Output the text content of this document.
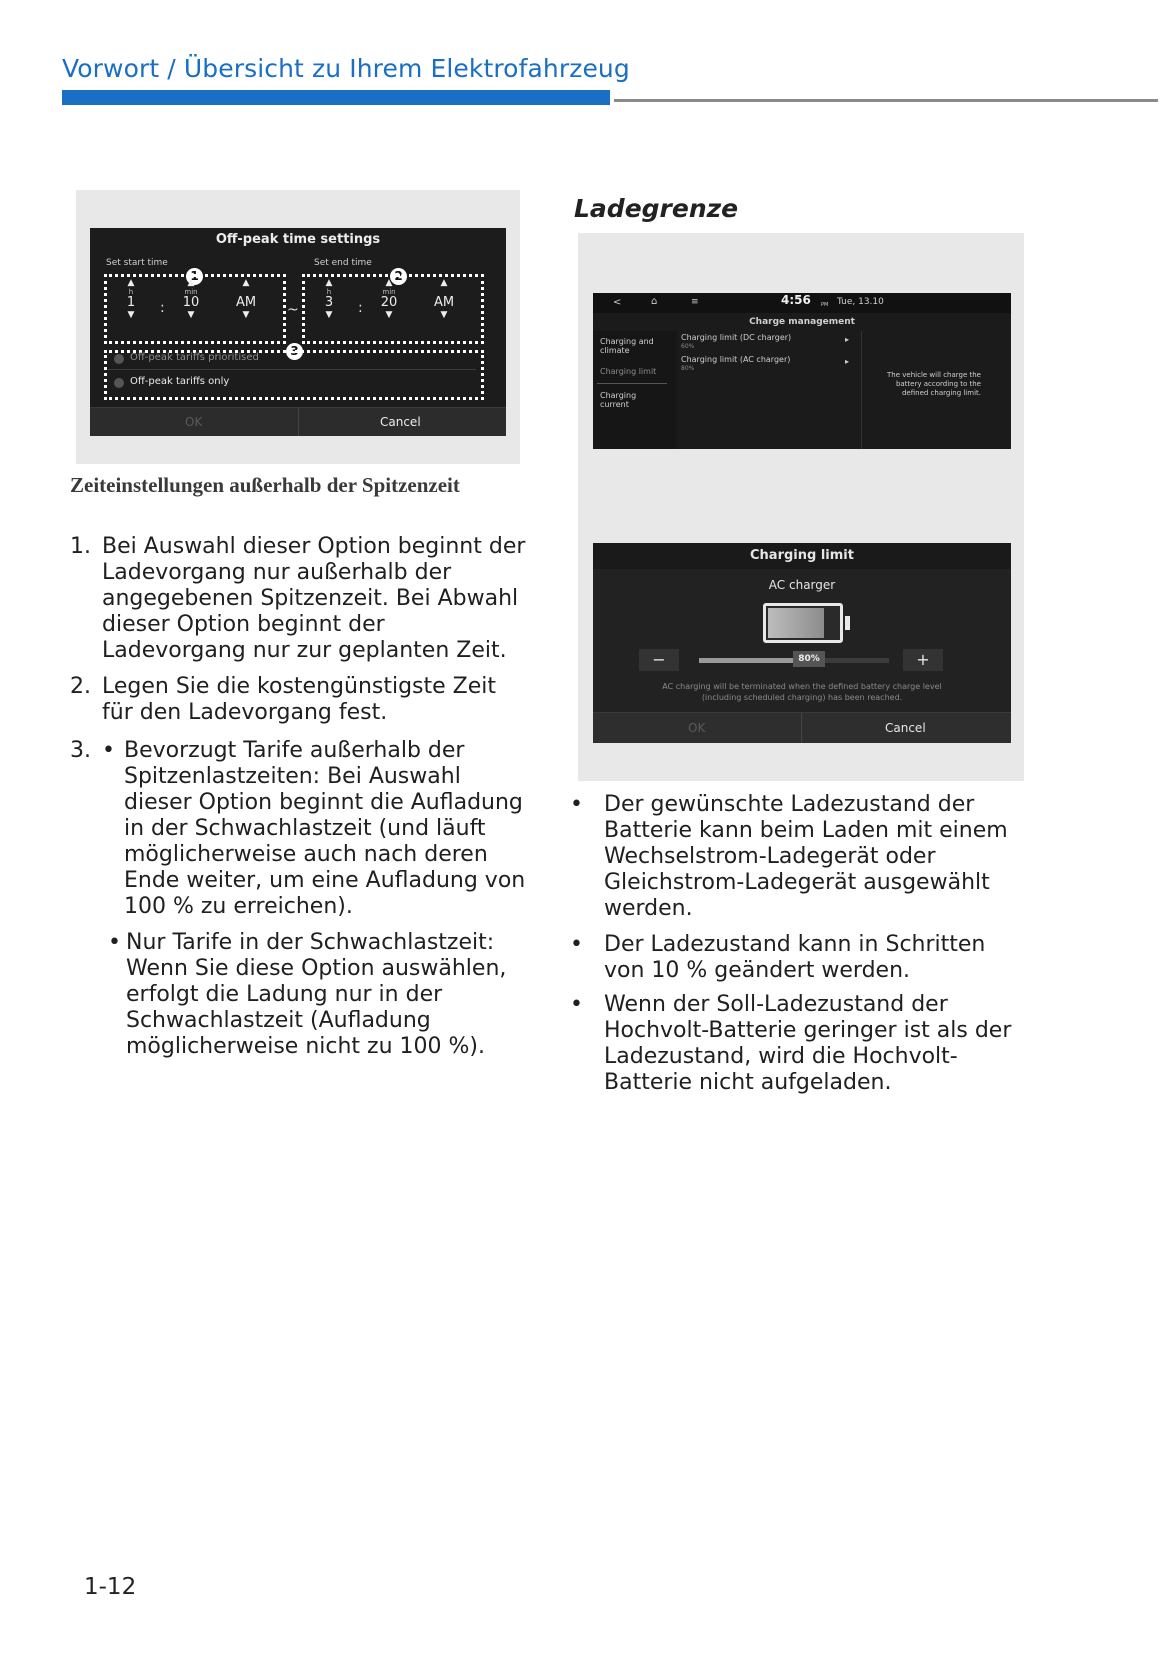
Vorwort / Übersicht zu Ihrem Elektrofahrzeug
Off-peak time settings
Set start time	Set end time
1	2
3
▲
h
1
▼	:
▲
min
10
▼
▲

AM
▼	~
▲
h
3
▼	:
▲
min
20
▼
▲

AM
▼
Off-peak tariffs prioritised
Off-peak tariffs only
OK	Cancel
Zeiteinstellungen außerhalb der Spitzenzeit
1. Bei Auswahl dieser Option beginnt der Ladevorgang nur außerhalb der angegebenen Spitzenzeit. Bei Abwahl dieser Option beginnt der Ladevorgang nur zur geplanten Zeit.
2. Legen Sie die kostengünstigste Zeit für den Ladevorgang fest.
3. • Bevorzugt Tarife außerhalb der Spitzenlastzeiten: Bei Auswahl dieser Option beginnt die Aufladung in der Schwachlastzeit (und läuft möglicherweise auch nach deren Ende weiter, um eine Aufladung von 100 % zu erreichen).
• Nur Tarife in der Schwachlastzeit: Wenn Sie diese Option auswählen, erfolgt die Ladung nur in der Schwachlastzeit (Aufladung möglicherweise nicht zu 100 %).
Ladegrenze
<	⌂	≡	4:56 PM Tue, 13.10
Charge management
Charging and climate
Charging limit
Charging current
Charging limit (DC charger)
60%
▸
Charging limit (AC charger)
80%
▸
The vehicle will charge the battery according to the defined charging limit.
Charging limit
AC charger
−	80%	+
AC charging will be terminated when the defined battery charge level (including scheduled charging) has been reached.
OK	Cancel
• Der gewünschte Ladezustand der Batterie kann beim Laden mit einem Wechselstrom-Ladegerät oder Gleichstrom-Ladegerät ausgewählt werden.
• Der Ladezustand kann in Schritten von 10 % geändert werden.
• Wenn der Soll-Ladezustand der Hochvolt-Batterie geringer ist als der Ladezustand, wird die Hochvolt-Batterie nicht aufgeladen.
1-12
